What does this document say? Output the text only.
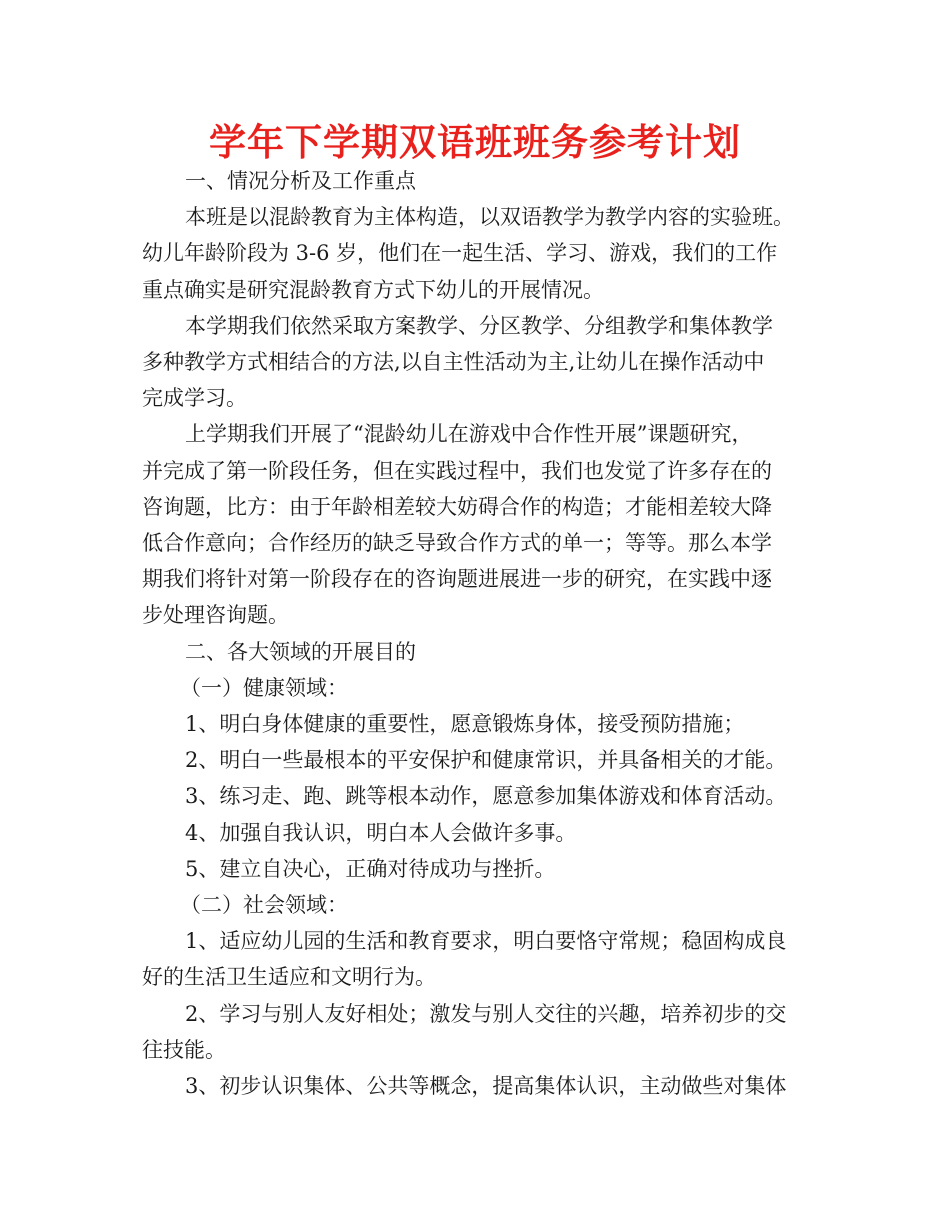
学年下学期双语班班务参考计划
一、情况分析及工作重点
本班是以混龄教育为主体构造，以双语教学为教学内容的实验班。
幼儿年龄阶段为 3-6 岁，他们在一起生活、学习、游戏，我们的工作
重点确实是研究混龄教育方式下幼儿的开展情况。
本学期我们依然采取方案教学、分区教学、分组教学和集体教学
多种教学方式相结合的方法,以自主性活动为主,让幼儿在操作活动中
完成学习。
上学期我们开展了“混龄幼儿在游戏中合作性开展”课题研究，
并完成了第一阶段任务，但在实践过程中，我们也发觉了许多存在的
咨询题，比方：由于年龄相差较大妨碍合作的构造；才能相差较大降
低合作意向；合作经历的缺乏导致合作方式的单一；等等。那么本学
期我们将针对第一阶段存在的咨询题进展进一步的研究，在实践中逐
步处理咨询题。
二、各大领域的开展目的
（一）健康领域：
1、明白身体健康的重要性，愿意锻炼身体，接受预防措施；
2、明白一些最根本的平安保护和健康常识，并具备相关的才能。
3、练习走、跑、跳等根本动作，愿意参加集体游戏和体育活动。
4、加强自我认识，明白本人会做许多事。
5、建立自决心，正确对待成功与挫折。
（二）社会领域：
1、适应幼儿园的生活和教育要求，明白要恪守常规；稳固构成良
好的生活卫生适应和文明行为。
2、学习与别人友好相处；激发与别人交往的兴趣，培养初步的交
往技能。
3、初步认识集体、公共等概念，提高集体认识，主动做些对集体
